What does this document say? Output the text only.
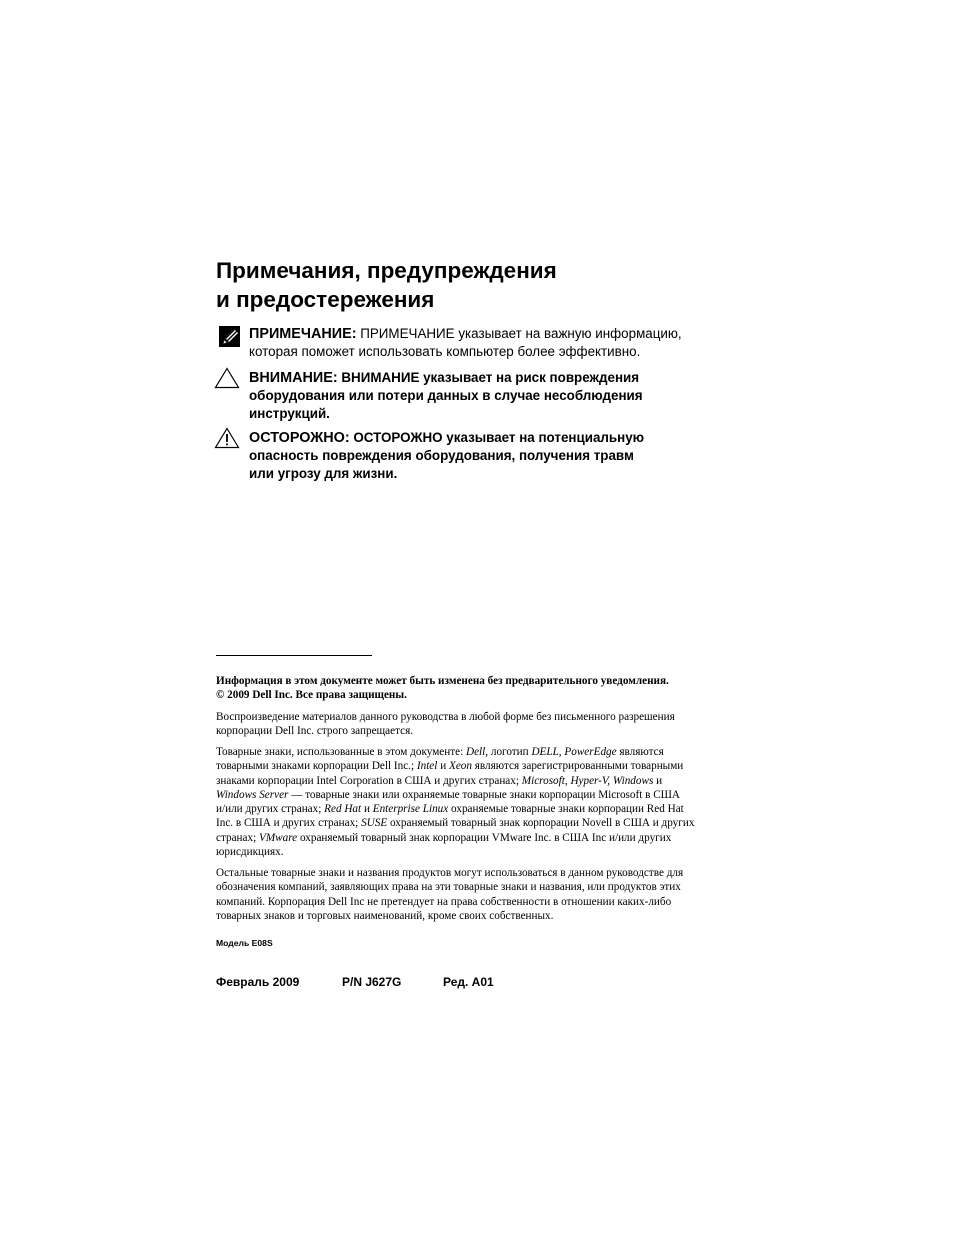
Примечания, предупреждения
и предостережения
ПРИМЕЧАНИЕ: ПРИМЕЧАНИЕ указывает на важную информацию,
которая поможет использовать компьютер более эффективно.
ВНИМАНИЕ: ВНИМАНИЕ указывает на риск повреждения
оборудования или потери данных в случае несоблюдения
инструкций.
ОСТОРОЖНО: ОСТОРОЖНО указывает на потенциальную
опасность повреждения оборудования, получения травм
или угрозу для жизни.
Информация в этом документе может быть изменена без предварительного уведомления.
© 2009 Dell Inc. Все права защищены.
Воспроизведение материалов данного руководства в любой форме без письменного разрешения
корпорации Dell Inc. строго запрещается.
Товарные знаки, использованные в этом документе: Dell, логотип DELL, PowerEdge являются
товарными знаками корпорации Dell Inc.; Intel и Xeon являются зарегистрированными товарными
знаками корпорации Intel Corporation в США и других странах; Microsoft, Hyper-V, Windows и
Windows Server — товарные знаки или охраняемые товарные знаки корпорации Microsoft в США
и/или других странах; Red Hat и Enterprise Linux охраняемые товарные знаки корпорации Red Hat
Inc. в США и других странах; SUSE охраняемый товарный знак корпорации Novell в США и других
странах; VMware охраняемый товарный знак корпорации VMware Inc. в США Inc и/или других
юрисдикциях.
Остальные товарные знаки и названия продуктов могут использоваться в данном руководстве для
обозначения компаний, заявляющих права на эти товарные знаки и названия, или продуктов этих
компаний. Корпорация Dell Inc не претендует на права собственности в отношении каких-либо
товарных знаков и торговых наименований, кроме своих собственных.
Модель E08S
Февраль 2009	P/N J627G	Ред. A01
